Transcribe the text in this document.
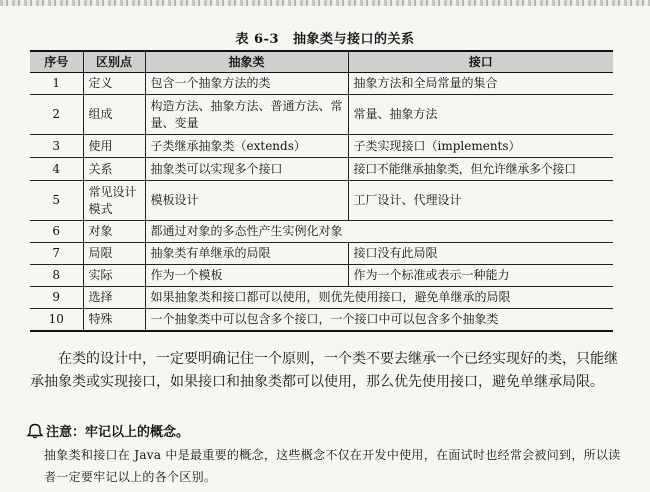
表 6-3 抽象类与接口的关系
序号	区别点	抽象类	接口
1	定义	包含一个抽象方法的类	抽象方法和全局常量的集合
2	组成	构造方法、抽象方法、普通方法、常量、变量	常量、抽象方法
3	使用	子类继承抽象类（extends）	子类实现接口（implements）
4	关系	抽象类可以实现多个接口	接口不能继承抽象类，但允许继承多个接口
5	常见设计模式	模板设计	工厂设计、代理设计
6	对象	都通过对象的多态性产生实例化对象	
7	局限	抽象类有单继承的局限	接口没有此局限
8	实际	作为一个模板	作为一个标准或表示一种能力
9	选择	如果抽象类和接口都可以使用，则优先使用接口，避免单继承的局限	
10	特殊	一个抽象类中可以包含多个接口，一个接口中可以包含多个抽象类	
在类的设计中，一定要明确记住一个原则，一个类不要去继承一个已经实现好的类，只能继承抽象类或实现接口，如果接口和抽象类都可以使用，那么优先使用接口，避免单继承局限。
注意：牢记以上的概念。
抽象类和接口在 Java 中是最重要的概念，这些概念不仅在开发中使用，在面试时也经常会被问到，所以读者一定要牢记以上的各个区别。
